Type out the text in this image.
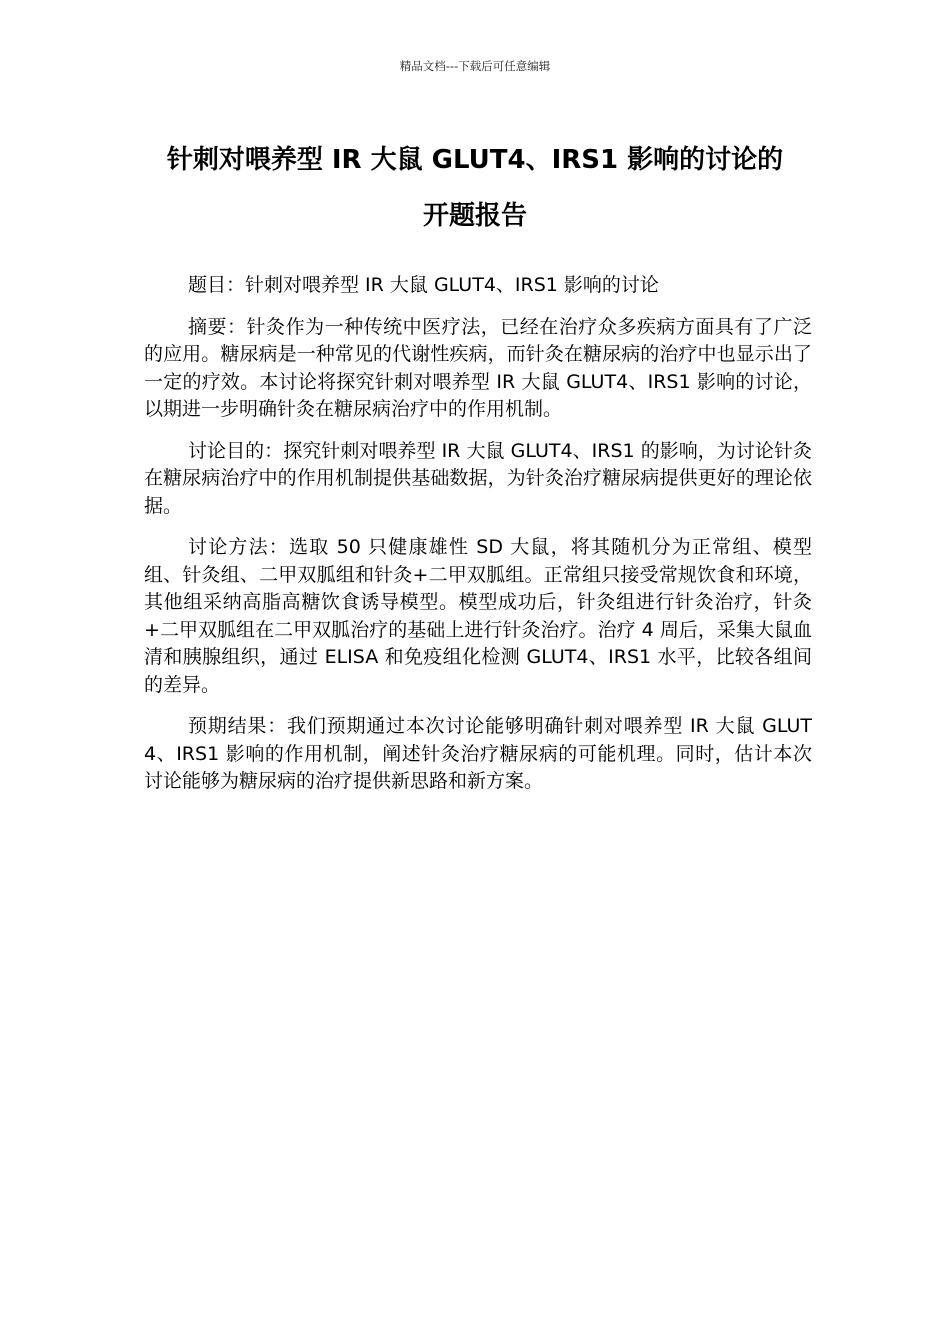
精品文档---下载后可任意编辑
针刺对喂养型 IR 大鼠 GLUT4、IRS1 影响的讨论的
开题报告

题目：针刺对喂养型 IR 大鼠 GLUT4、IRS1 影响的讨论

摘要：针灸作为一种传统中医疗法，已经在治疗众多疾病方面具有了广泛的应用。糖尿病是一种常见的代谢性疾病，而针灸在糖尿病的治疗中也显示出了一定的疗效。本讨论将探究针刺对喂养型 IR 大鼠 GLUT4、IRS1 影响的讨论，以期进一步明确针灸在糖尿病治疗中的作用机制。

讨论目的：探究针刺对喂养型 IR 大鼠 GLUT4、IRS1 的影响，为讨论针灸在糖尿病治疗中的作用机制提供基础数据，为针灸治疗糖尿病提供更好的理论依据。

讨论方法：选取 50 只健康雄性 SD 大鼠，将其随机分为正常组、模型组、针灸组、二甲双胍组和针灸+二甲双胍组。正常组只接受常规饮食和环境，其他组采纳高脂高糖饮食诱导模型。模型成功后，针灸组进行针灸治疗，针灸+二甲双胍组在二甲双胍治疗的基础上进行针灸治疗。治疗 4 周后，采集大鼠血清和胰腺组织，通过 ELISA 和免疫组化检测 GLUT4、IRS1 水平，比较各组间的差异。

预期结果：我们预期通过本次讨论能够明确针刺对喂养型 IR 大鼠 GLUT4、IRS1 影响的作用机制，阐述针灸治疗糖尿病的可能机理。同时，估计本次讨论能够为糖尿病的治疗提供新思路和新方案。
